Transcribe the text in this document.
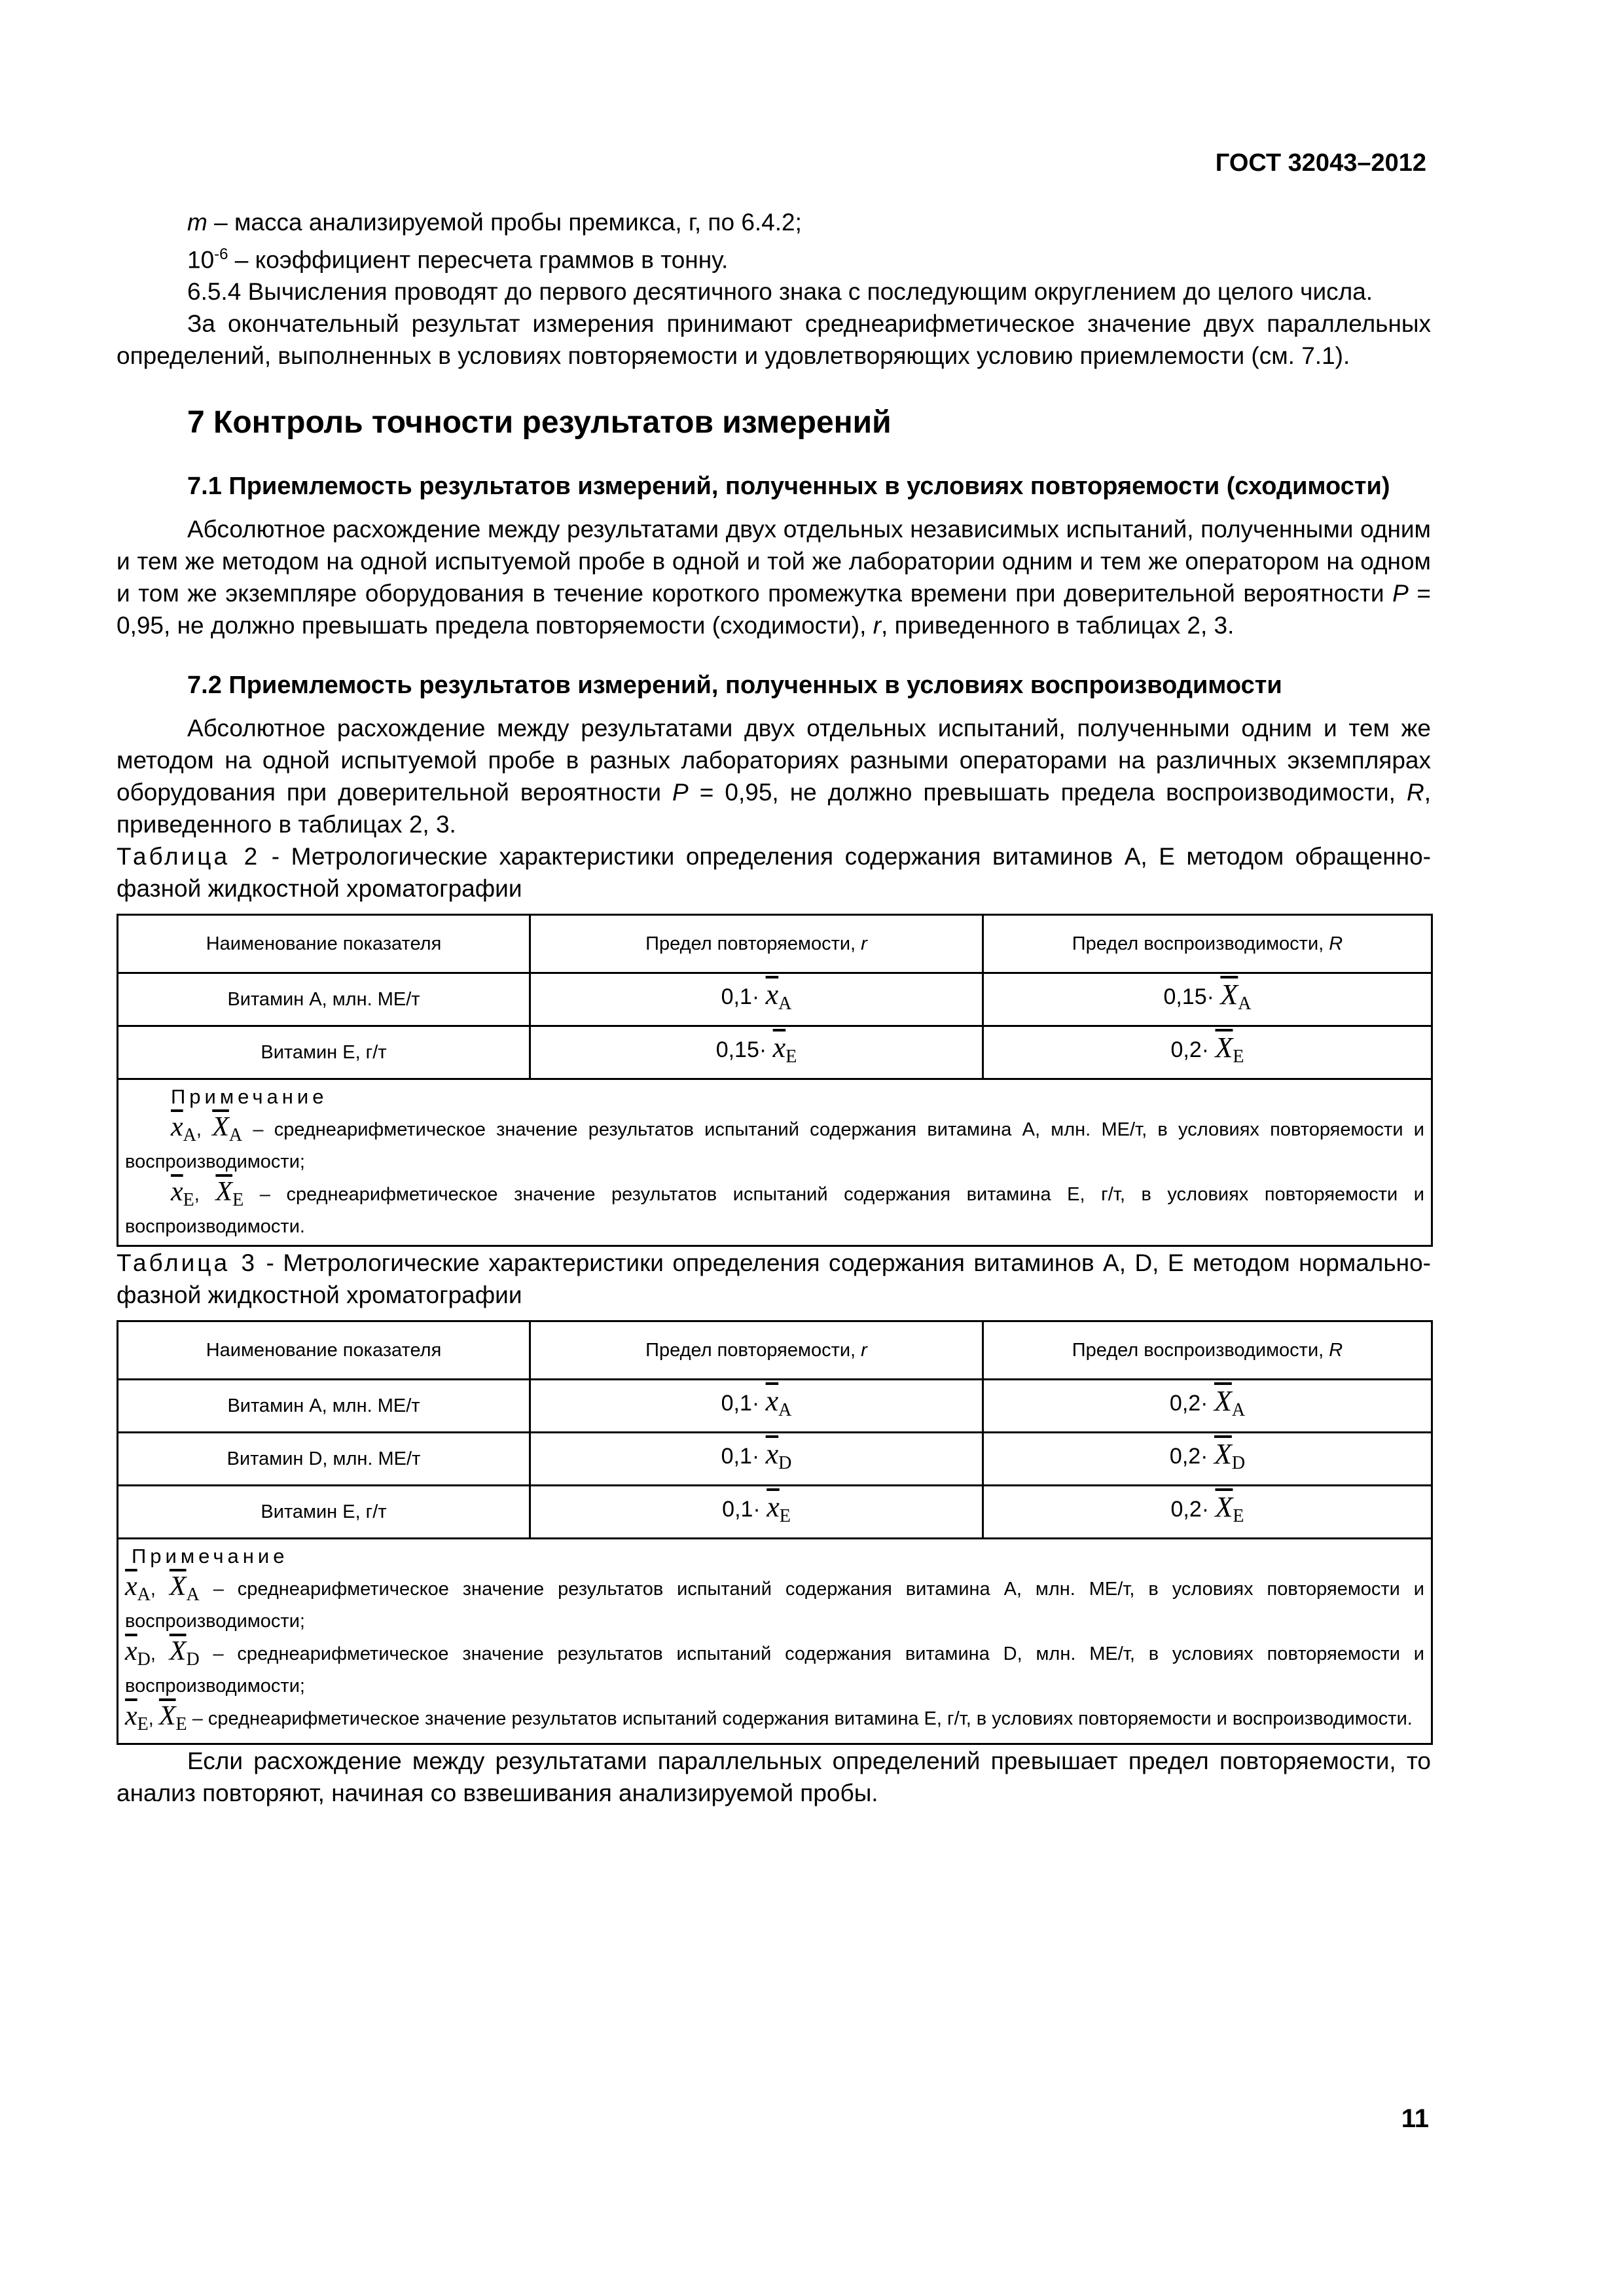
ГОСТ 32043–2012

m – масса анализируемой пробы премикса, г, по 6.4.2;

$10^{-6}$ – коэффициент пересчета граммов в тонну.

6.5.4 Вычисления проводят до первого десятичного знака с последующим округлением до целого числа.

За окончательный результат измерения принимают среднеарифметическое значение двух параллельных определений, выполненных в условиях повторяемости и удовлетворяющих условию приемлемости (см. 7.1).

7 Контроль точности результатов измерений
7.1 Приемлемость результатов измерений, полученных в условиях повторяемости (сходимости)

Абсолютное расхождение между результатами двух отдельных независимых испытаний, полученными одним и тем же методом на одной испытуемой пробе в одной и той же лаборатории одним и тем же оператором на одном и том же экземпляре оборудования в течение короткого промежутка времени при доверительной вероятности P = 0,95, не должно превышать предела повторяемости (сходимости), r, приведенного в таблицах 2, 3.

7.2 Приемлемость результатов измерений, полученных в условиях воспроизводимости

Абсолютное расхождение между результатами двух отдельных испытаний, полученными одним и тем же методом на одной испытуемой пробе в разных лабораториях разными операторами на различных экземплярах оборудования при доверительной вероятности P = 0,95, не должно превышать предела воспроизводимости, R, приведенного в таблицах 2, 3.

Таблица 2 - Метрологические характеристики определения содержания витаминов A, E методом обращенно-фазной жидкостной хроматографии

Наименование показателя	Предел повторяемости, r	Предел воспроизводимости, R
Витамин A, млн. МЕ/т	$0,1\cdot \overline{x}_A$	$0,15\cdot \overline{X}_A$
Витамин E, г/т	$0,15\cdot \overline{x}_E$	$0,2\cdot \overline{X}_E$

Примечание
$\overline{x}A$, $\overline{X}A$ – среднеарифметическое значение результатов испытаний содержания витамина A, млн. МЕ/т, в условиях повторяемости и воспроизводимости;
$\overline{x}E$, $\overline{X}E$ – среднеарифметическое значение результатов испытаний содержания витамина E, г/т, в условиях повторяемости и воспроизводимости.		

Таблица 3 - Метрологические характеристики определения содержания витаминов A, D, E методом нормально-фазной жидкостной хроматографии

Наименование показателя	Предел повторяемости, r	Предел воспроизводимости, R
Витамин A, млн. МЕ/т	$0,1\cdot \overline{x}_A$	$0,2\cdot \overline{X}_A$
Витамин D, млн. МЕ/т	$0,1\cdot \overline{x}_D$	$0,2\cdot \overline{X}_D$
Витамин E, г/т	$0,1\cdot \overline{x}_E$	$0,2\cdot \overline{X}_E$

Примечание
$\overline{x}A$, $\overline{X}A$ – среднеарифметическое значение результатов испытаний содержания витамина A, млн. МЕ/т, в условиях повторяемости и воспроизводимости;
$\overline{x}D$, $\overline{X}D$ – среднеарифметическое значение результатов испытаний содержания витамина D, млн. МЕ/т, в условиях повторяемости и воспроизводимости;
$\overline{x}E$, $\overline{X}E$ – среднеарифметическое значение результатов испытаний содержания витамина E, г/т, в условиях повторяемости и воспроизводимости.		

Если расхождение между результатами параллельных определений превышает предел повторяемости, то анализ повторяют, начиная со взвешивания анализируемой пробы.

11
